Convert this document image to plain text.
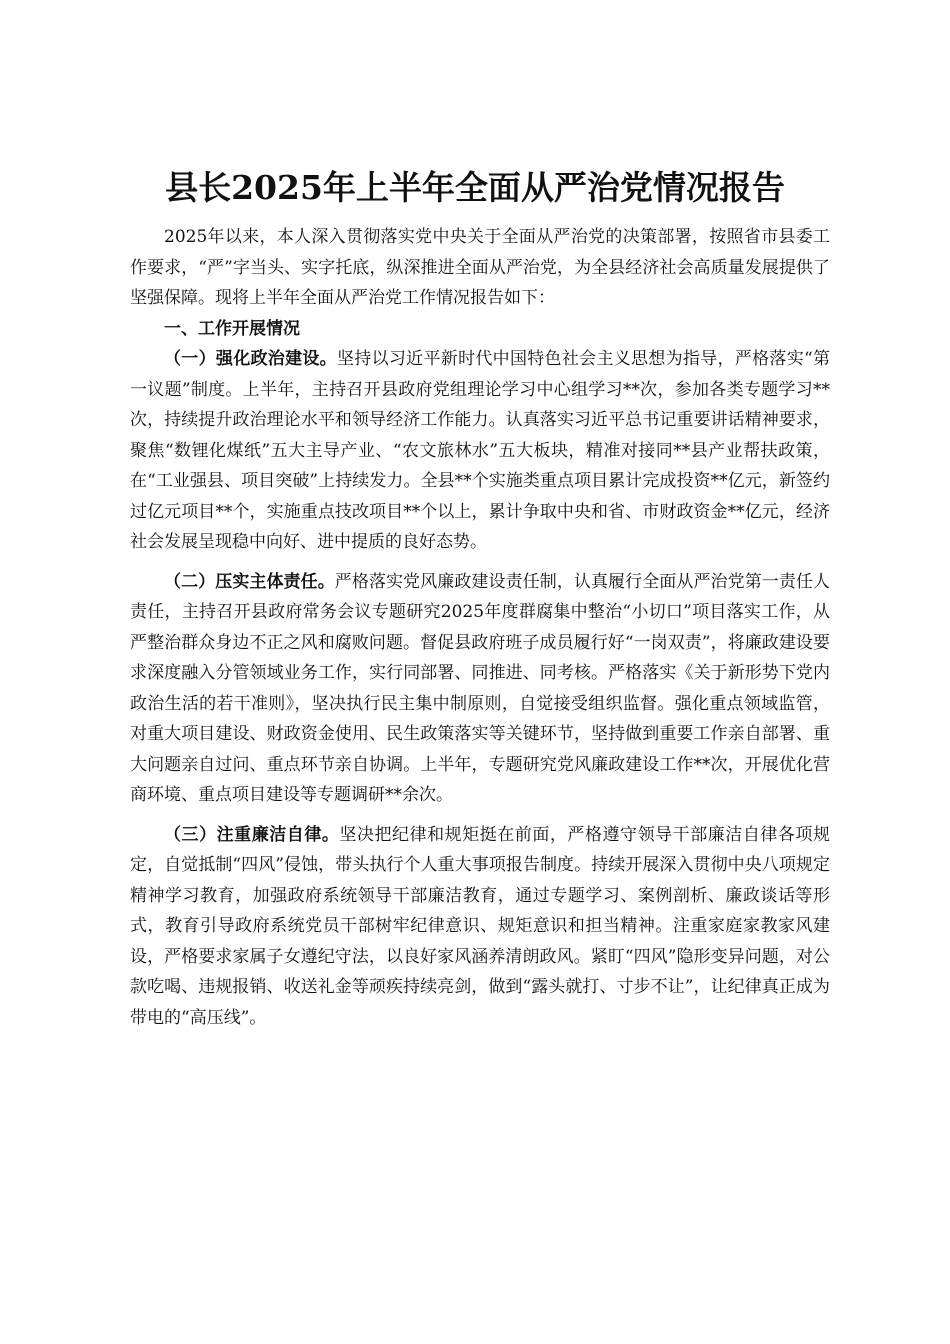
县长2025年上半年全面从严治党情况报告

2025年以来，本人深入贯彻落实党中央关于全面从严治党的决策部署，按照省市县委工作要求，“严”字当头、实字托底，纵深推进全面从严治党，为全县经济社会高质量发展提供了坚强保障。现将上半年全面从严治党工作情况报告如下：

一、工作开展情况

（一）强化政治建设。坚持以习近平新时代中国特色社会主义思想为指导，严格落实“第一议题”制度。上半年，主持召开县政府党组理论学习中心组学习**次，参加各类专题学习**次，持续提升政治理论水平和领导经济工作能力。认真落实习近平总书记重要讲话精神要求，聚焦“数锂化煤纸”五大主导产业、“农文旅林水”五大板块，精准对接同**县产业帮扶政策，在“工业强县、项目突破”上持续发力。全县**个实施类重点项目累计完成投资**亿元，新签约过亿元项目**个，实施重点技改项目**个以上，累计争取中央和省、市财政资金**亿元，经济社会发展呈现稳中向好、进中提质的良好态势。

（二）压实主体责任。严格落实党风廉政建设责任制，认真履行全面从严治党第一责任人责任，主持召开县政府常务会议专题研究2025年度群腐集中整治“小切口”项目落实工作，从严整治群众身边不正之风和腐败问题。督促县政府班子成员履行好“一岗双责”，将廉政建设要求深度融入分管领域业务工作，实行同部署、同推进、同考核。严格落实《关于新形势下党内政治生活的若干准则》，坚决执行民主集中制原则，自觉接受组织监督。强化重点领域监管，对重大项目建设、财政资金使用、民生政策落实等关键环节，坚持做到重要工作亲自部署、重大问题亲自过问、重点环节亲自协调。上半年，专题研究党风廉政建设工作**次，开展优化营商环境、重点项目建设等专题调研**余次。

（三）注重廉洁自律。坚决把纪律和规矩挺在前面，严格遵守领导干部廉洁自律各项规定，自觉抵制“四风”侵蚀，带头执行个人重大事项报告制度。持续开展深入贯彻中央八项规定精神学习教育，加强政府系统领导干部廉洁教育，通过专题学习、案例剖析、廉政谈话等形式，教育引导政府系统党员干部树牢纪律意识、规矩意识和担当精神。注重家庭家教家风建设，严格要求家属子女遵纪守法，以良好家风涵养清朗政风。紧盯“四风”隐形变异问题，对公款吃喝、违规报销、收送礼金等顽疾持续亮剑，做到“露头就打、寸步不让”，让纪律真正成为带电的“高压线”。
